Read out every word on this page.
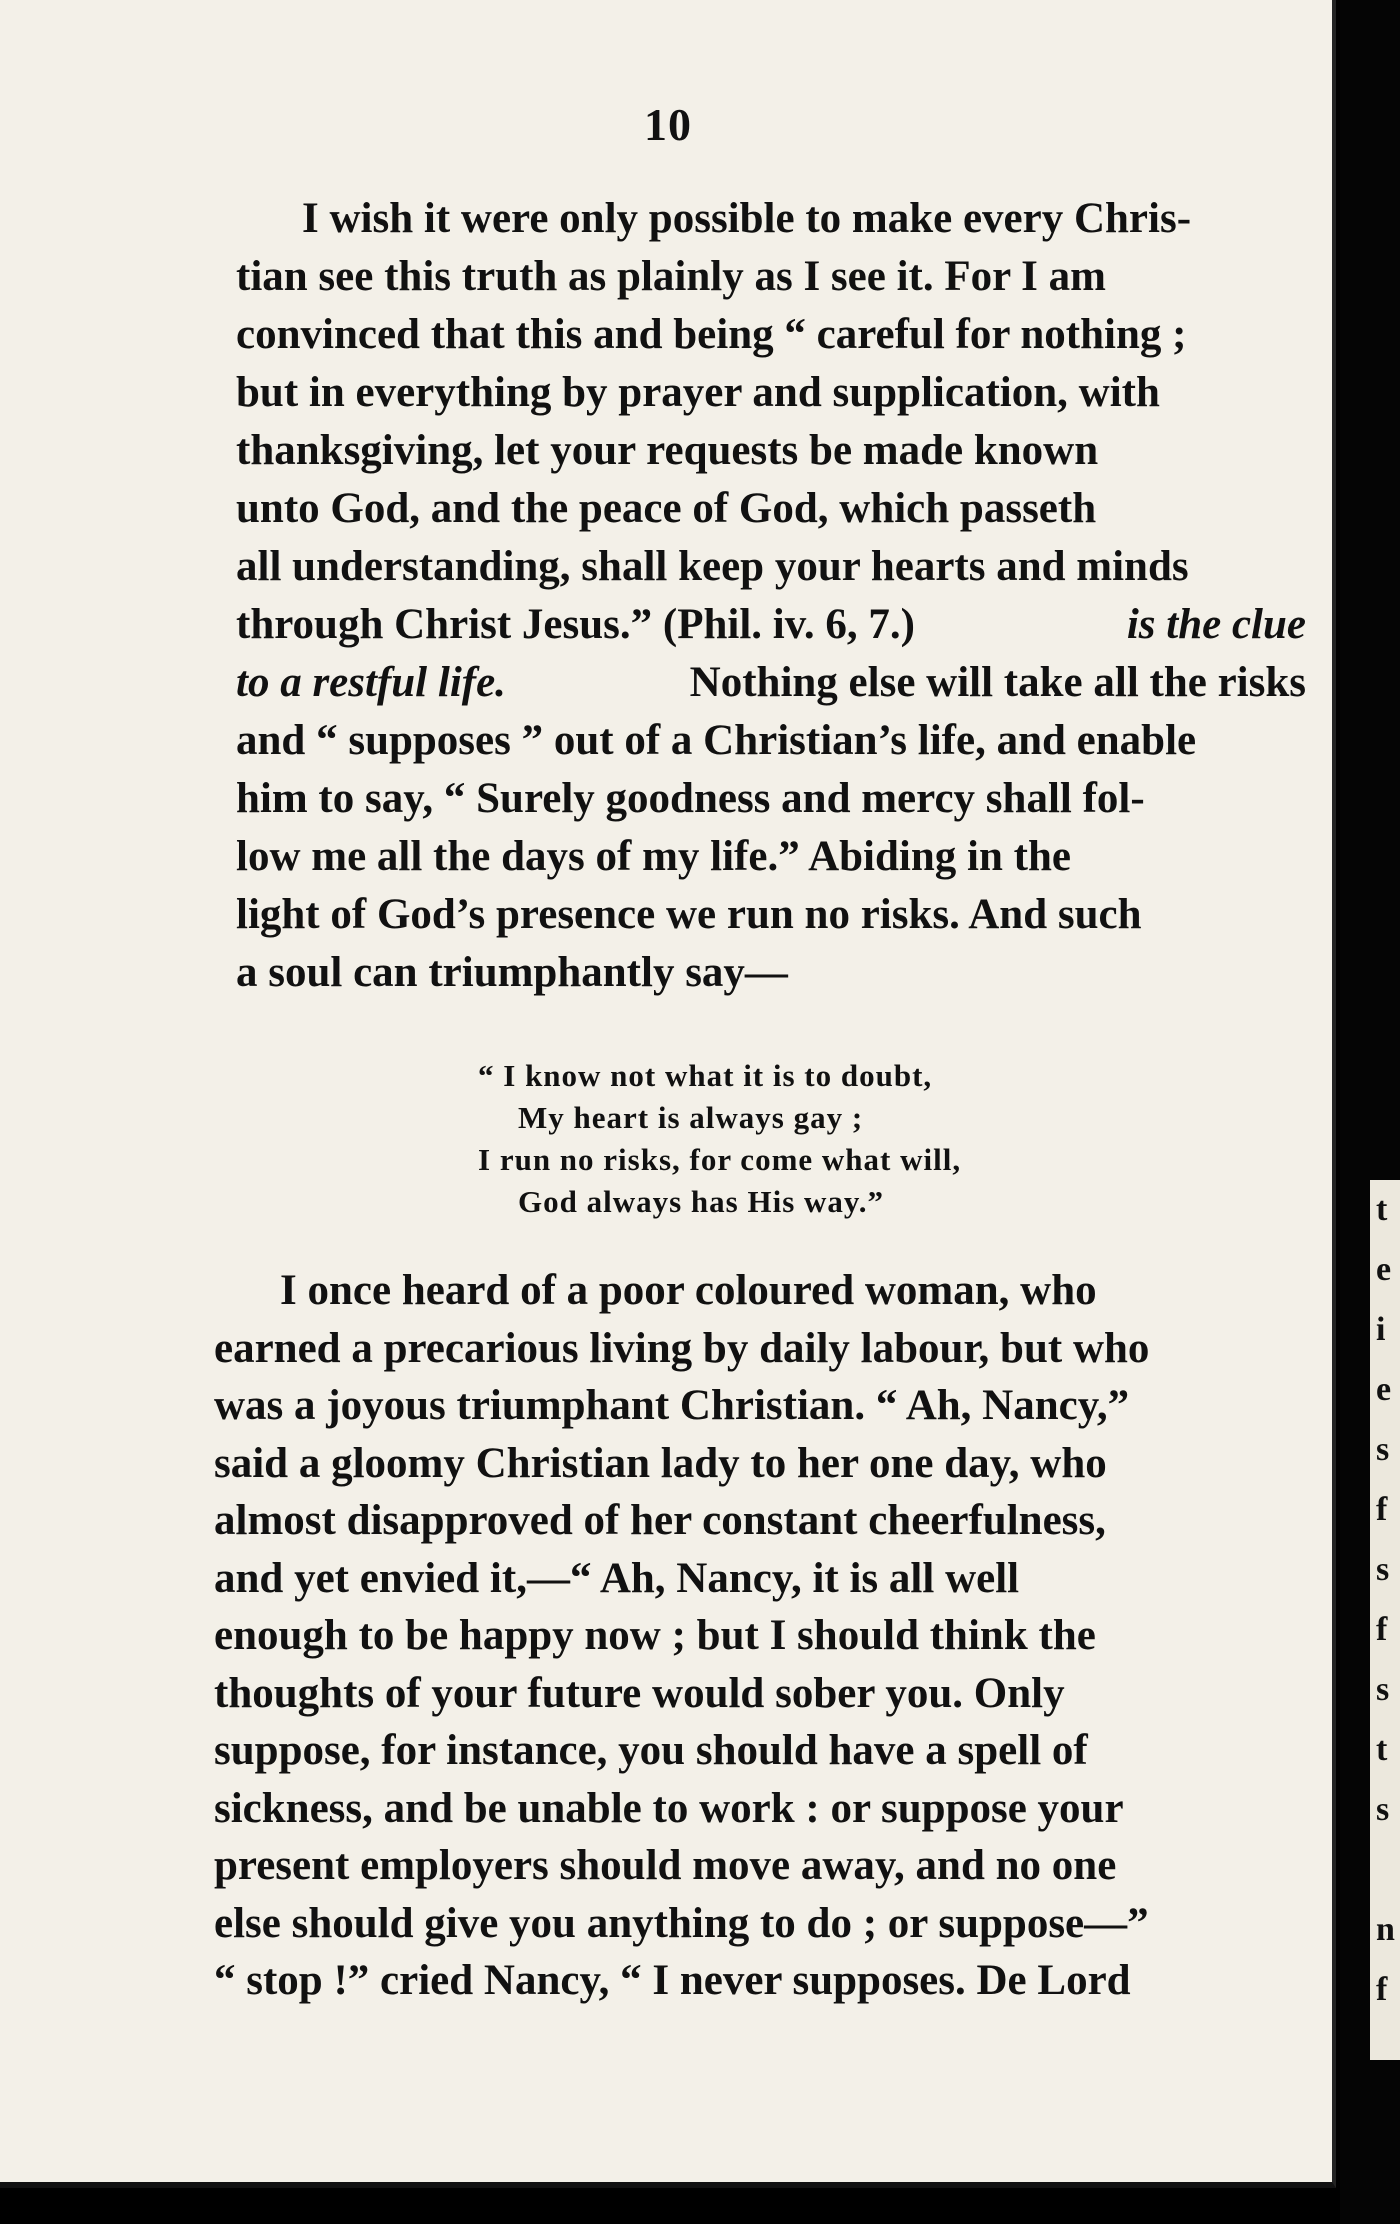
10
I wish it were only possible to make every Chris-
tian see this truth as plainly as I see it. For I am
convinced that this and being “ careful for nothing ;
but in everything by prayer and supplication, with
thanksgiving, let your requests be made known
unto God, and the peace of God, which passeth
all understanding, shall keep your hearts and minds
through Christ Jesus.” (Phil. iv. 6, 7.)	is the clue
to a restful life.	Nothing else will take all the risks
and “ supposes ” out of a Christian’s life, and enable
him to say, “ Surely goodness and mercy shall fol-
low me all the days of my life.” Abiding in the
light of God’s presence we run no risks. And such
a soul can triumphantly say—
“ I know not what it is to doubt,
My heart is always gay ;
I run no risks, for come what will,
God always has His way.”
I once heard of a poor coloured woman, who
earned a precarious living by daily labour, but who
was a joyous triumphant Christian. “ Ah, Nancy,”
said a gloomy Christian lady to her one day, who
almost disapproved of her constant cheerfulness,
and yet envied it,—“ Ah, Nancy, it is all well
enough to be happy now ; but I should think the
thoughts of your future would sober you. Only
suppose, for instance, you should have a spell of
sickness, and be unable to work : or suppose your
present employers should move away, and no one
else should give you anything to do ; or suppose—”
“ stop !” cried Nancy, “ I never supposes. De Lord
t
e
i
e
s
f
s
f
s
t
s
n
f
